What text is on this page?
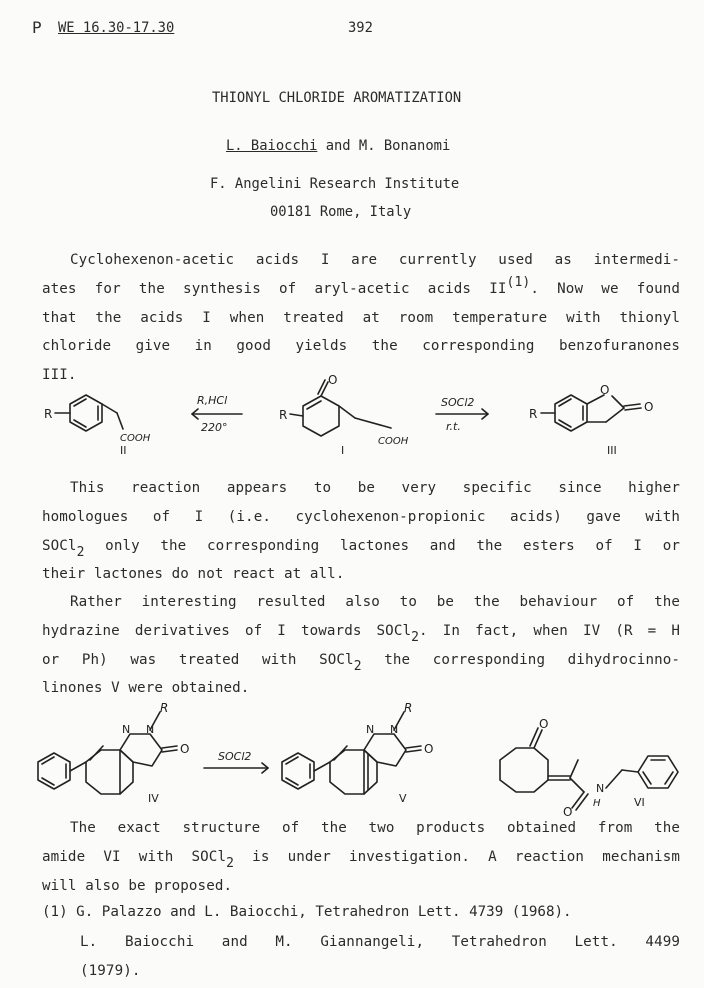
P WE 16.30-17.30	392
THIONYL CHLORIDE AROMATIZATION
L. Baiocchi and M. Bonanomi
F. Angelini Research Institute
00181 Rome, Italy
Cyclohexenon-acetic acids I are currently used as intermedi-
ates for the synthesis of aryl-acetic acids II(1). Now we found
that the acids I when treated at room temperature with thionyl
chloride give in good yields the corresponding benzofuranones
III.
R
COOH
II
R,HCl
220°
O
R
COOH
I
SOCl2
r.t.
R
O
O
III
This reaction appears to be very specific since higher
homologues of I (i.e. cyclohexenon-propionic acids) gave with
SOCl2 only the corresponding lactones and the esters of I or
their lactones do not react at all.
Rather interesting resulted also to be the behaviour of the
hydrazine derivatives of I towards SOCl2. In fact, when IV (R = H
or Ph) was treated with SOCl2 the corresponding dihydrocinno-
linones V were obtained.
N N
R
O
IV
SOCl2
N N
R
O
V
O
O
N
H	VI
The exact structure of the two products obtained from the
amide VI with SOCl2 is under investigation. A reaction mechanism
will also be proposed.
(1) G. Palazzo and L. Baiocchi, Tetrahedron Lett. 4739 (1968).
L. Baiocchi and M. Giannangeli, Tetrahedron Lett. 4499
(1979).
